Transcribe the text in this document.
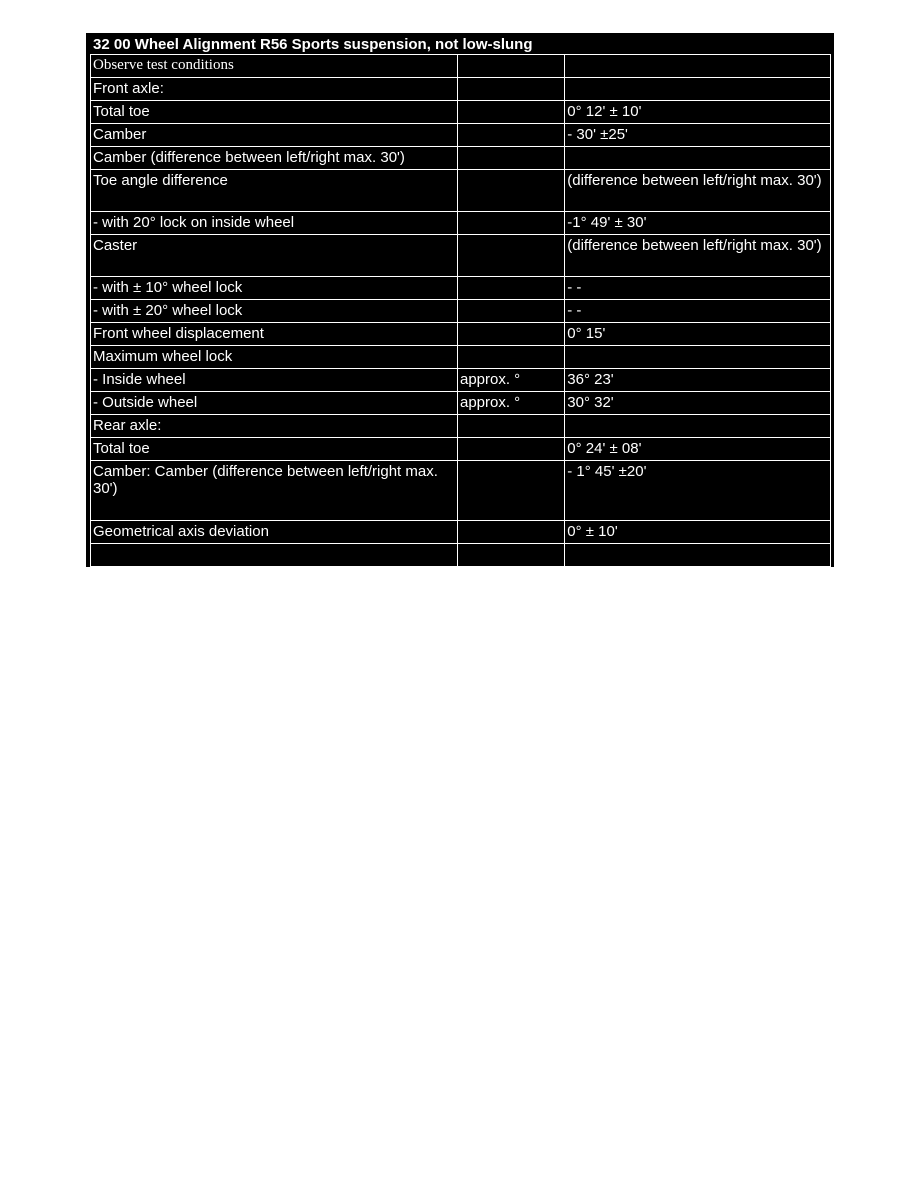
32 00 Wheel Alignment R56 Sports suspension, not low-slung
Observe test conditions		
Front axle:		
Total toe		0° 12' ± 10'
Camber		- 30' ±25'
Camber (difference between left/right max. 30')		
Toe angle difference		(difference between left/right max. 30')
- with 20° lock on inside wheel		-1° 49' ± 30'
Caster		(difference between left/right max. 30')
- with ± 10° wheel lock		- -
- with ± 20° wheel lock		- -
Front wheel displacement		0° 15'
Maximum wheel lock		
- Inside wheel	approx. °	36° 23'
- Outside wheel	approx. °	30° 32'
Rear axle:		
Total toe		0° 24' ± 08'
Camber: Camber (difference between left/right max. 30')		- 1° 45' ±20'
Geometrical axis deviation		0° ± 10'
